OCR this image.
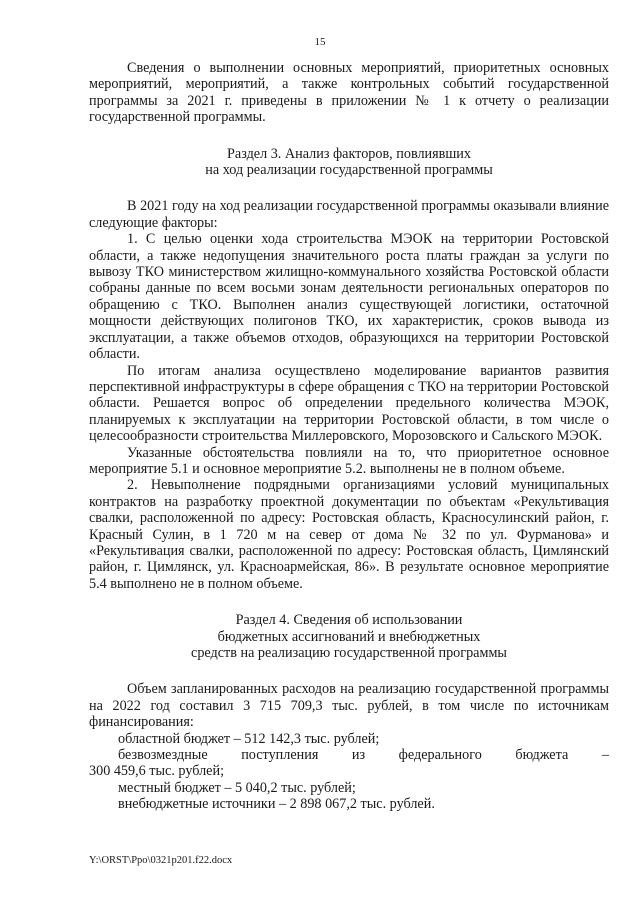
15

Сведения о выполнении основных мероприятий, приоритетных основных мероприятий, мероприятий, а также контрольных событий государственной программы за 2021 г. приведены в приложении № 1 к отчету о реализации государственной программы.

Раздел 3. Анализ факторов, повлиявших

на ход реализации государственной программы

В 2021 году на ход реализации государственной программы оказывали влияние следующие факторы:

1. С целью оценки хода строительства МЭОК на территории Ростовской области, а также недопущения значительного роста платы граждан за услуги по вывозу ТКО министерством жилищно-коммунального хозяйства Ростовской области собраны данные по всем восьми зонам деятельности региональных операторов по обращению с ТКО. Выполнен анализ существующей логистики, остаточной мощности действующих полигонов ТКО, их характеристик, сроков вывода из эксплуатации, а также объемов отходов, образующихся на территории Ростовской области.

По итогам анализа осуществлено моделирование вариантов развития перспективной инфраструктуры в сфере обращения с ТКО на территории Ростовской области. Решается вопрос об определении предельного количества МЭОК, планируемых к эксплуатации на территории Ростовской области, в том числе о целесообразности строительства Миллеровского, Морозовского и Сальского МЭОК.

Указанные обстоятельства повлияли на то, что приоритетное основное мероприятие 5.1 и основное мероприятие 5.2. выполнены не в полном объеме.

2. Невыполнение подрядными организациями условий муниципальных контрактов на разработку проектной документации по объектам «Рекультивация свалки, расположенной по адресу: Ростовская область, Красносулинский район, г. Красный Сулин, в 1 720 м на север от дома № 32 по ул. Фурманова» и «Рекультивация свалки, расположенной по адресу: Ростовская область, Цимлянский район, г. Цимлянск, ул. Красноармейская, 86». В результате основное мероприятие 5.4 выполнено не в полном объеме.

Раздел 4. Сведения об использовании

бюджетных ассигнований и внебюджетных

средств на реализацию государственной программы

Объем запланированных расходов на реализацию государственной программы на 2022 год составил 3 715 709,3 тыс. рублей, в том числе по источникам финансирования:

областной бюджет – 512 142,3 тыс. рублей;

безвозмездные поступления из федерального бюджета –

300 459,6 тыс. рублей;

местный бюджет – 5 040,2 тыс. рублей;

внебюджетные источники – 2 898 067,2 тыс. рублей.

Y:\ORST\Ppo\0321p201.f22.docx
